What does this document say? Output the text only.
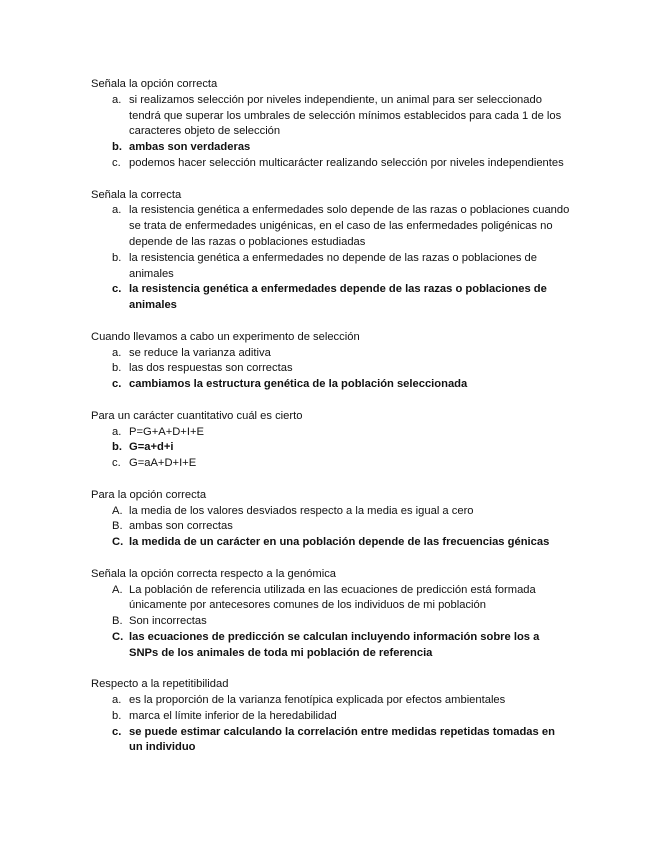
Señala la opción correcta

a. si realizamos selección por niveles independiente, un animal para ser seleccionado tendrá que superar los umbrales de selección mínimos establecidos para cada 1 de los caracteres objeto de selección
b. ambas son verdaderas
c. podemos hacer selección multicarácter realizando selección por niveles independientes

Señala la correcta

a. la resistencia genética a enfermedades solo depende de las razas o poblaciones cuando se trata de enfermedades unigénicas, en el caso de las enfermedades poligénicas no depende de las razas o poblaciones estudiadas
b. la resistencia genética a enfermedades no depende de las razas o poblaciones de animales
c. la resistencia genética a enfermedades depende de las razas o poblaciones de animales

Cuando llevamos a cabo un experimento de selección

a. se reduce la varianza aditiva
b. las dos respuestas son correctas
c. cambiamos la estructura genética de la población seleccionada

Para un carácter cuantitativo cuál es cierto

a. P=G+A+D+I+E
b. G=a+d+i
c. G=aA+D+I+E

Para la opción correcta

A. la media de los valores desviados respecto a la media es igual a cero
B. ambas son correctas
C. la medida de un carácter en una población depende de las frecuencias génicas

Señala la opción correcta respecto a la genómica

A. La población de referencia utilizada en las ecuaciones de predicción está formada únicamente por antecesores comunes de los individuos de mi población
B. Son incorrectas
C. las ecuaciones de predicción se calculan incluyendo información sobre los a SNPs de los animales de toda mi población de referencia

Respecto a la repetitibilidad

a. es la proporción de la varianza fenotípica explicada por efectos ambientales
b. marca el límite inferior de la heredabilidad
c. se puede estimar calculando la correlación entre medidas repetidas tomadas en un individuo
